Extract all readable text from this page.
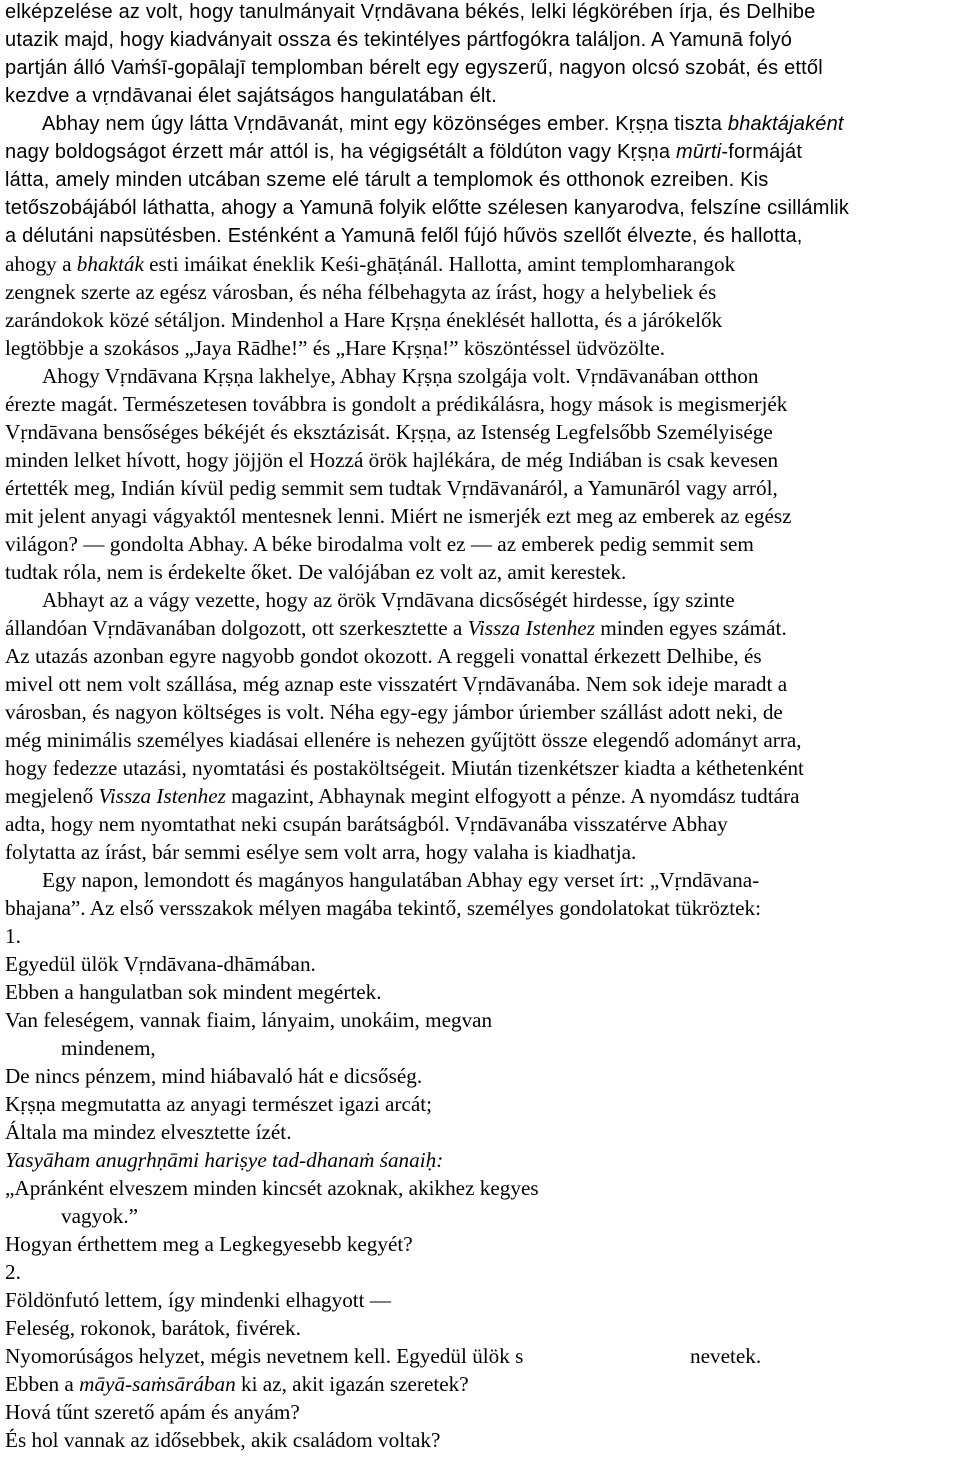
elképzelése az volt, hogy tanulmányait Vṛndāvana békés, lelki légkörében írja, és Delhibe
utazik majd, hogy kiadványait ossza és tekintélyes pártfogókra találjon. A Yamunā folyó
partján álló Vaṁśī-gopālajī templomban bérelt egy egyszerű, nagyon olcsó szobát, és ettől
kezdve a vṛndāvanai élet sajátságos hangulatában élt.
Abhay nem úgy látta Vṛndāvanát, mint egy közönséges ember. Kṛṣṇa tiszta bhaktájaként
nagy boldogságot érzett már attól is, ha végigsétált a földúton vagy Kṛṣṇa mūrti-formáját
látta, amely minden utcában szeme elé tárult a templomok és otthonok ezreiben. Kis
tetőszobájából láthatta, ahogy a Yamunā folyik előtte szélesen kanyarodva, felszíne csillámlik
a délutáni napsütésben. Esténként a Yamunā felől fújó hűvös szellőt élvezte, és hallotta,
ahogy a bhakták esti imáikat éneklik Keśi-ghāṭánál. Hallotta, amint templomharangok
zengnek szerte az egész városban, és néha félbehagyta az írást, hogy a helybeliek és
zarándokok közé sétáljon. Mindenhol a Hare Kṛṣṇa éneklését hallotta, és a járókelők
legtöbbje a szokásos „Jaya Rādhe!” és „Hare Kṛṣṇa!” köszöntéssel üdvözölte.
Ahogy Vṛndāvana Kṛṣṇa lakhelye, Abhay Kṛṣṇa szolgája volt. Vṛndāvanában otthon
érezte magát. Természetesen továbbra is gondolt a prédikálásra, hogy mások is megismerjék
Vṛndāvana bensőséges békéjét és eksztázisát. Kṛṣṇa, az Istenség Legfelsőbb Személyisége
minden lelket hívott, hogy jöjjön el Hozzá örök hajlékára, de még Indiában is csak kevesen
értették meg, Indián kívül pedig semmit sem tudtak Vṛndāvanáról, a Yamunāról vagy arról,
mit jelent anyagi vágyaktól mentesnek lenni. Miért ne ismerjék ezt meg az emberek az egész
világon? — gondolta Abhay. A béke birodalma volt ez — az emberek pedig semmit sem
tudtak róla, nem is érdekelte őket. De valójában ez volt az, amit kerestek.
Abhayt az a vágy vezette, hogy az örök Vṛndāvana dicsőségét hirdesse, így szinte
állandóan Vṛndāvanában dolgozott, ott szerkesztette a Vissza Istenhez minden egyes számát.
Az utazás azonban egyre nagyobb gondot okozott. A reggeli vonattal érkezett Delhibe, és
mivel ott nem volt szállása, még aznap este visszatért Vṛndāvanába. Nem sok ideje maradt a
városban, és nagyon költséges is volt. Néha egy-egy jámbor úriember szállást adott neki, de
még minimális személyes kiadásai ellenére is nehezen gyűjtött össze elegendő adományt arra,
hogy fedezze utazási, nyomtatási és postaköltségeit. Miután tizenkétszer kiadta a kéthetenként
megjelenő Vissza Istenhez magazint, Abhaynak megint elfogyott a pénze. A nyomdász tudtára
adta, hogy nem nyomtathat neki csupán barátságból. Vṛndāvanába visszatérve Abhay
folytatta az írást, bár semmi esélye sem volt arra, hogy valaha is kiadhatja.
Egy napon, lemondott és magányos hangulatában Abhay egy verset írt: „Vṛndāvana-
bhajana”. Az első versszakok mélyen magába tekintő, személyes gondolatokat tükröztek:
1.
Egyedül ülök Vṛndāvana-dhāmában.
Ebben a hangulatban sok mindent megértek.
Van feleségem, vannak fiaim, lányaim, unokáim, megvan
mindenem,
De nincs pénzem, mind hiábavaló hát e dicsőség.
Kṛṣṇa megmutatta az anyagi természet igazi arcát;
Általa ma mindez elvesztette ízét.
Yasyāham anugṛhṇāmi hariṣye tad-dhanaṁ śanaiḥ:
„Apránként elveszem minden kincsét azoknak, akikhez kegyes
vagyok.”
Hogyan érthettem meg a Legkegyesebb kegyét?
2.
Földönfutó lettem, így mindenki elhagyott —
Feleség, rokonok, barátok, fivérek.
Nyomorúságos helyzet, mégis nevetnem kell. Egyedül ülök s	nevetek.
Ebben a māyā-saṁsārában ki az, akit igazán szeretek?
Hová tűnt szerető apám és anyám?
És hol vannak az idősebbek, akik családom voltak?
